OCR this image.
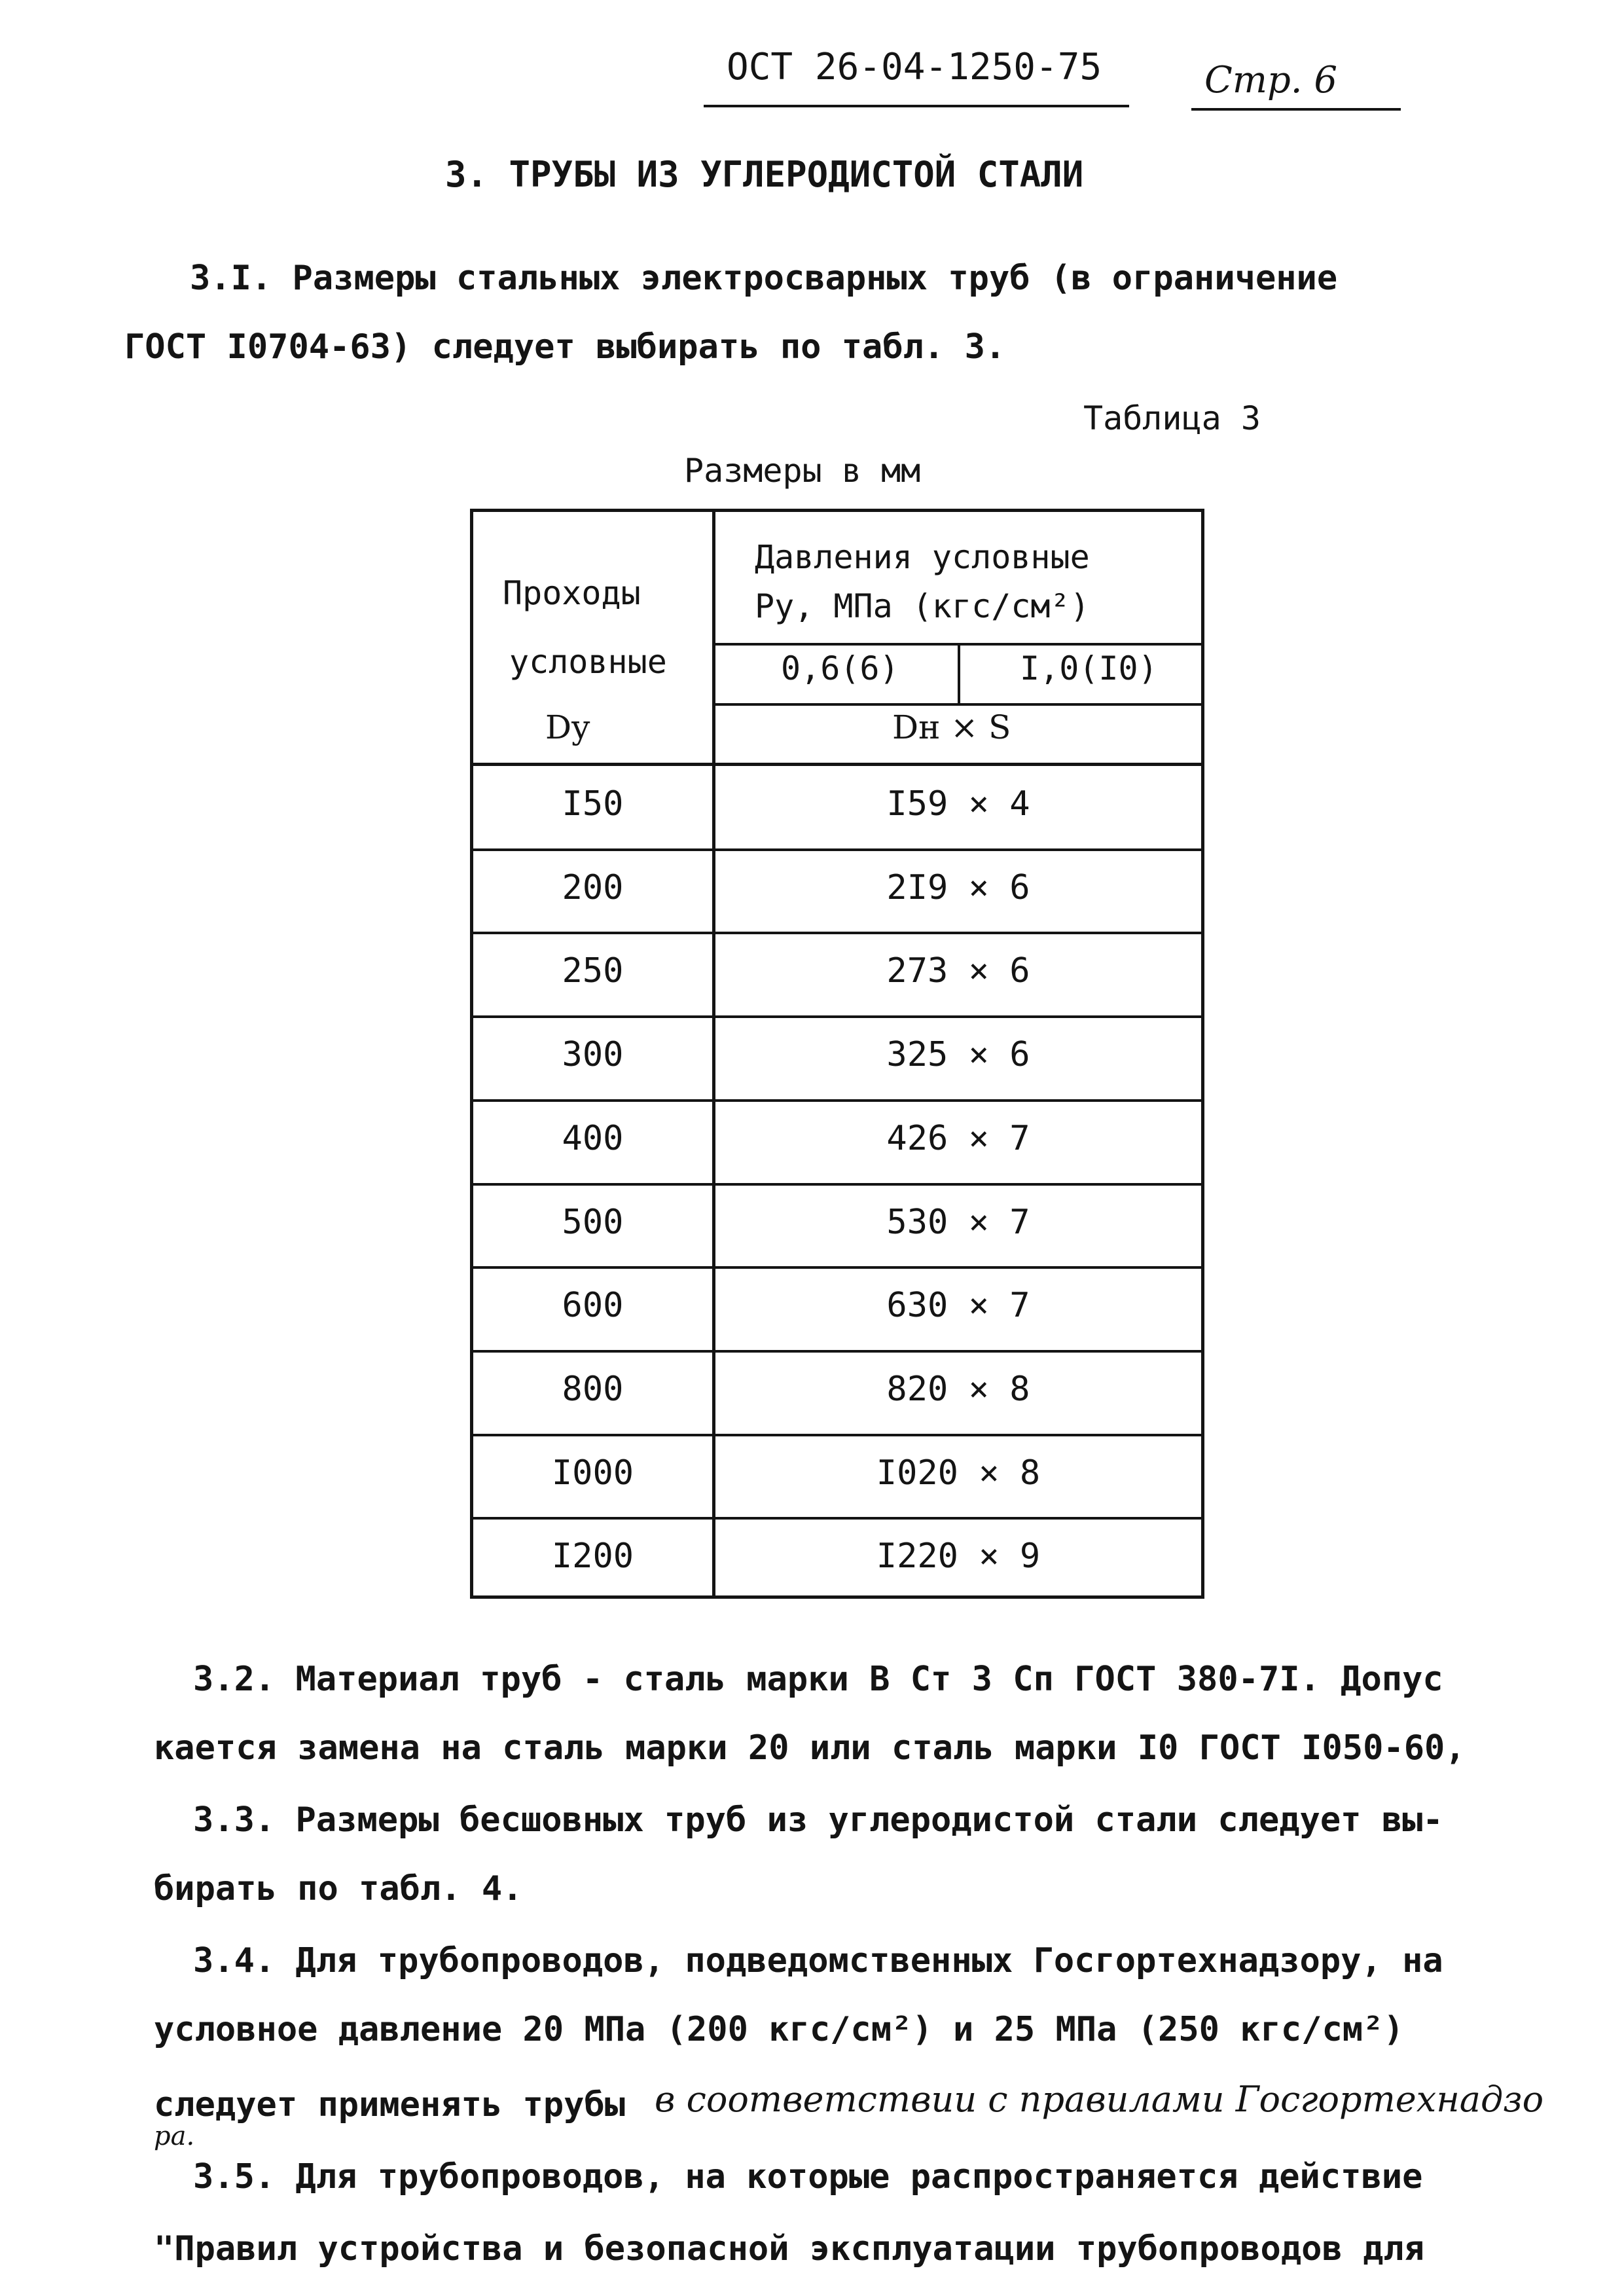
ОСТ 26-04-1250-75	Стр. 6
3. ТРУБЫ ИЗ УГЛЕРОДИСТОЙ СТАЛИ
3.I. Размеры стальных электросварных труб (в ограничение
ГОСТ I0704-63) следует выбирать по табл. 3.
Таблица 3
Размеры в мм
Проходы
условные
Dy
Давления условные
Ру, МПа (кгс/см²)
0,6(6)	I,0(I0)
Dн × S
I50	I59 × 4
200	2I9 × 6
250	273 × 6
300	325 × 6
400	426 × 7
500	530 × 7
600	630 × 7
800	820 × 8
I000	I020 × 8
I200	I220 × 9
3.2. Материал труб - сталь марки В Ст 3 Сп ГОСТ 380-7I. Допус
кается замена на сталь марки 20 или сталь марки I0 ГОСТ I050-60,
3.3. Размеры бесшовных труб из углеродистой стали следует вы-
бирать по табл. 4.
3.4. Для трубопроводов, подведомственных Госгортехнадзору, на
условное давление 20 МПа (200 кгс/см²) и 25 МПа (250 кгс/см²)
следует применять трубы в соответствии с правилами Госгортехнадзо
ра.
3.5. Для трубопроводов, на которые распространяется действие
"Правил устройства и безопасной эксплуатации трубопроводов для
